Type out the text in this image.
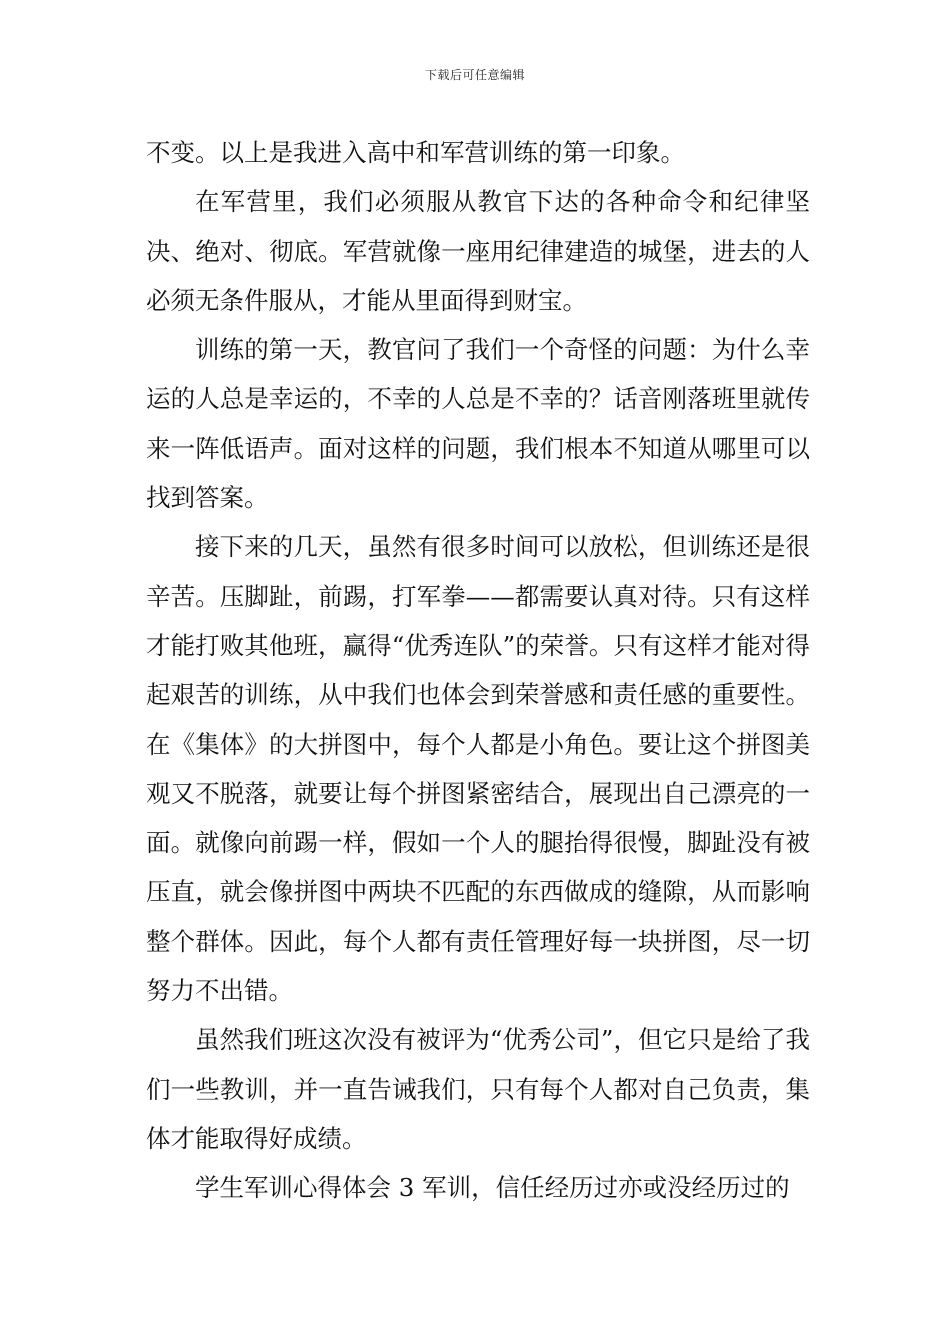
下载后可任意编辑

不变。以上是我进入高中和军营训练的第一印象。

在军营里，我们必须服从教官下达的各种命令和纪律坚决、绝对、彻底。军营就像一座用纪律建造的城堡，进去的人必须无条件服从，才能从里面得到财宝。

训练的第一天，教官问了我们一个奇怪的问题：为什么幸运的人总是幸运的，不幸的人总是不幸的？话音刚落班里就传来一阵低语声。面对这样的问题，我们根本不知道从哪里可以找到答案。

接下来的几天，虽然有很多时间可以放松，但训练还是很辛苦。压脚趾，前踢，打军拳——都需要认真对待。只有这样才能打败其他班，赢得“优秀连队”的荣誉。只有这样才能对得起艰苦的训练，从中我们也体会到荣誉感和责任感的重要性。在《集体》的大拼图中，每个人都是小角色。要让这个拼图美观又不脱落，就要让每个拼图紧密结合，展现出自己漂亮的一面。就像向前踢一样，假如一个人的腿抬得很慢，脚趾没有被压直，就会像拼图中两块不匹配的东西做成的缝隙，从而影响整个群体。因此，每个人都有责任管理好每一块拼图，尽一切努力不出错。

虽然我们班这次没有被评为“优秀公司”，但它只是给了我们一些教训，并一直告诫我们，只有每个人都对自己负责，集体才能取得好成绩。

学生军训心得体会 3 军训，信任经历过亦或没经历过的
